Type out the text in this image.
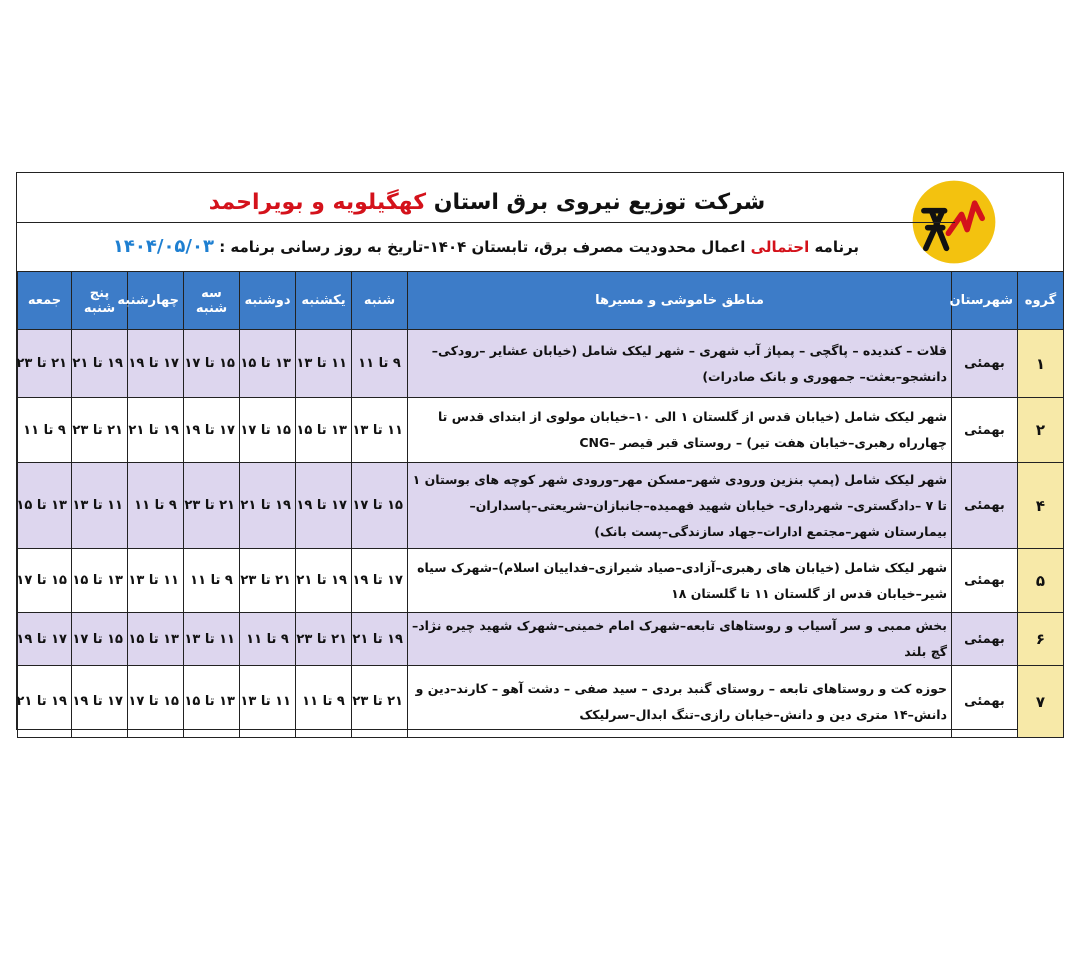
شرکت توزیع نیروی برق استان کهگیلویه و بویراحمد
برنامه احتمالی اعمال محدودیت مصرف برق، تابستان ۱۴۰۴-تاریخ به روز رسانی برنامه : ۱۴۰۴/۰۵/۰۳
گروه	شهرستان	مناطق خاموشی و مسیرها	شنبه	یکشنبه	دوشنبه	سه شنبه	چهارشنبه	پنج شنبه	جمعه
۱	بهمئی	قلات – کندیده – پاگچی – پمپاژ آب شهری – شهر لیکک شامل (خیابان عشایر –رودکی–دانشجو–بعثت– جمهوری و بانک صادرات)	۹ تا ۱۱	۱۱ تا ۱۳	۱۳ تا ۱۵	۱۵ تا ۱۷	۱۷ تا ۱۹	۱۹ تا ۲۱	۲۱ تا ۲۳
۲	بهمئی	شهر لیکک شامل (خیابان قدس از گلستان ۱ الی ۱۰–خیابان مولوی از ابتدای قدس تا چهارراه رهبری–خیابان هفت تیر) – روستای قبر قیصر –CNG	۱۱ تا ۱۳	۱۳ تا ۱۵	۱۵ تا ۱۷	۱۷ تا ۱۹	۱۹ تا ۲۱	۲۱ تا ۲۳	۹ تا ۱۱
۴	بهمئی	شهر لیکک شامل (پمپ بنزین ورودی شهر–مسکن مهر–ورودی شهر کوچه های بوستان ۱ تا ۷ –دادگستری– شهرداری– خیابان شهید فهمیده–جانبازان–شریعتی–پاسداران–بیمارستان شهر–مجتمع ادارات–جهاد سازندگی–پست بانک)	۱۵ تا ۱۷	۱۷ تا ۱۹	۱۹ تا ۲۱	۲۱ تا ۲۳	۹ تا ۱۱	۱۱ تا ۱۳	۱۳ تا ۱۵
۵	بهمئی	شهر لیکک شامل (خیابان های رهبری–آزادی–صیاد شیرازی–فداییان اسلام)–شهرک سیاه شیر–خیابان قدس از گلستان ۱۱ تا گلستان ۱۸	۱۷ تا ۱۹	۱۹ تا ۲۱	۲۱ تا ۲۳	۹ تا ۱۱	۱۱ تا ۱۳	۱۳ تا ۱۵	۱۵ تا ۱۷
۶	بهمئی	بخش ممبی و سر آسیاب و روستاهای تابعه–شهرک امام خمینی–شهرک شهید چیره نژاد–گچ بلند	۱۹ تا ۲۱	۲۱ تا ۲۳	۹ تا ۱۱	۱۱ تا ۱۳	۱۳ تا ۱۵	۱۵ تا ۱۷	۱۷ تا ۱۹
۷	بهمئی	حوزه کت و روستاهای تابعه – روستای گنبد بردی – سید صفی – دشت آهو – کارند–دین و دانش–۱۴ متری دین و دانش–خیابان رازی–تنگ ابدال–سرلیکک	۲۱ تا ۲۳	۹ تا ۱۱	۱۱ تا ۱۳	۱۳ تا ۱۵	۱۵ تا ۱۷	۱۷ تا ۱۹	۱۹ تا ۲۱
